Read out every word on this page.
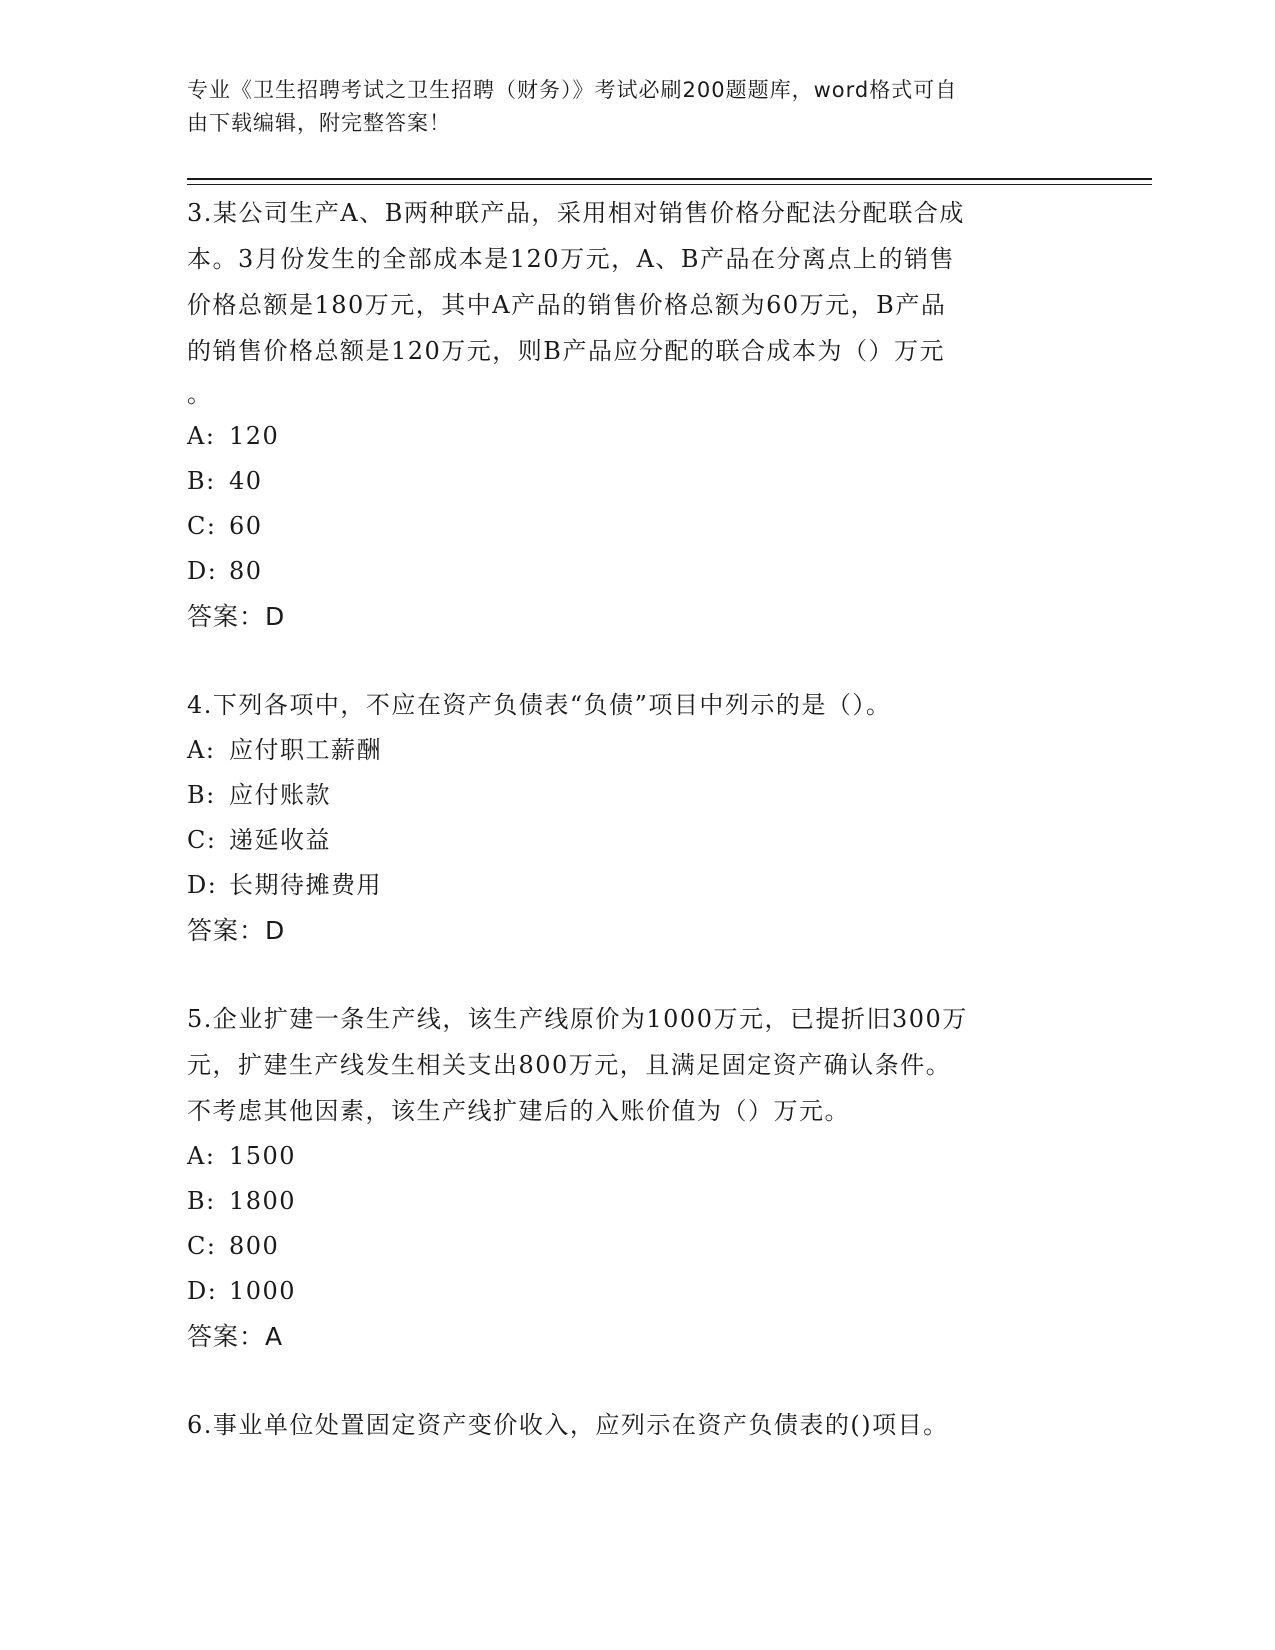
专业《卫生招聘考试之卫生招聘（财务）》考试必刷200题题库，word格式可自
由下载编辑，附完整答案！
3.某公司生产A、B两种联产品，采用相对销售价格分配法分配联合成
本。3月份发生的全部成本是120万元，A、B产品在分离点上的销售
价格总额是180万元，其中A产品的销售价格总额为60万元，B产品
的销售价格总额是120万元，则B产品应分配的联合成本为（）万元
。
A: 120
B: 40
C: 60
D: 80
答案：D
4.下列各项中，不应在资产负债表“负债”项目中列示的是（）。
A: 应付职工薪酬
B: 应付账款
C: 递延收益
D: 长期待摊费用
答案：D
5.企业扩建一条生产线，该生产线原价为1000万元，已提折旧300万
元，扩建生产线发生相关支出800万元，且满足固定资产确认条件。
不考虑其他因素，该生产线扩建后的入账价值为（）万元。
A: 1500
B: 1800
C: 800
D: 1000
答案：A
6.事业单位处置固定资产变价收入，应列示在资产负债表的()项目。
